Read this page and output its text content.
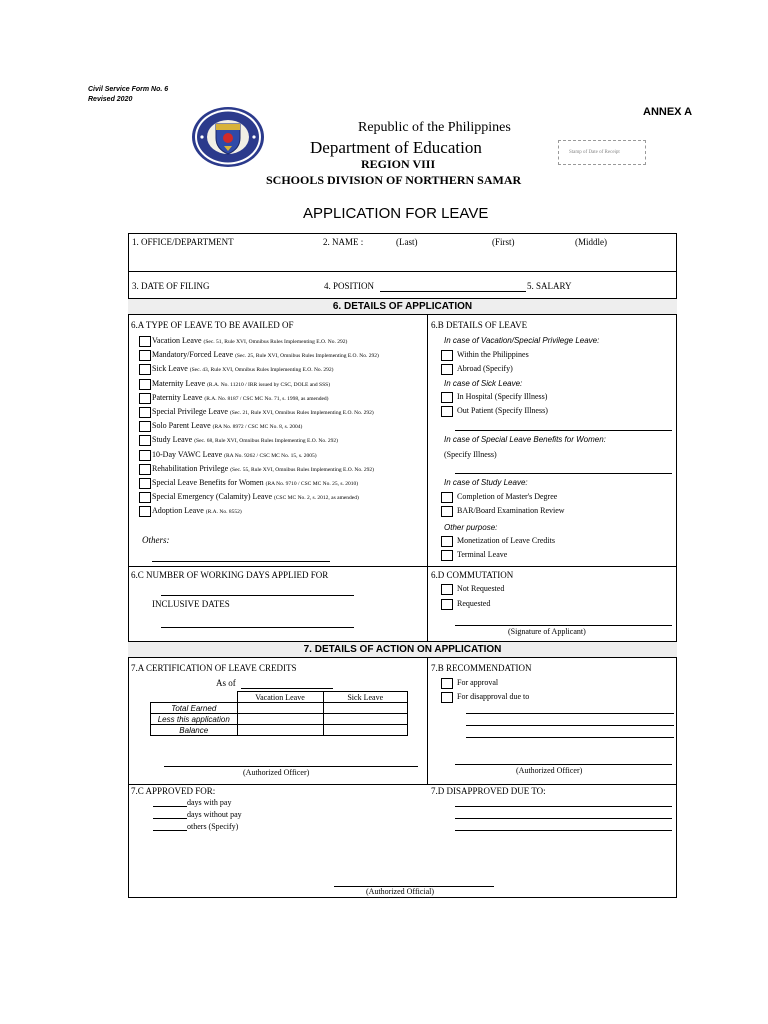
Civil Service Form No. 6
Revised 2020
ANNEX A
Republic of the Philippines
Department of Education
REGION VIII
SCHOOLS DIVISION OF NORTHERN SAMAR
Stamp of Date of Receipt
APPLICATION FOR LEAVE
1. OFFICE/DEPARTMENT	2. NAME :	(Last)	(First)	(Middle)
3. DATE OF FILING	4. POSITION	5. SALARY
6. DETAILS OF APPLICATION
6.A TYPE OF LEAVE TO BE AVAILED OF
Vacation Leave (Sec. 51, Rule XVI, Omnibus Rules Implementing E.O. No. 292)
Mandatory/Forced Leave (Sec. 25, Rule XVI, Omnibus Rules Implementing E.O. No. 292)
Sick Leave (Sec. 43, Rule XVI, Omnibus Rules Implementing E.O. No. 292)
Maternity Leave (R.A. No. 11210 / IRR issued by CSC, DOLE and SSS)
Paternity Leave (R.A. No. 8187 / CSC MC No. 71, s. 1998, as amended)
Special Privilege Leave (Sec. 21, Rule XVI, Omnibus Rules Implementing E.O. No. 292)
Solo Parent Leave (RA No. 8972 / CSC MC No. 8, s. 2004)
Study Leave (Sec. 68, Rule XVI, Omnibus Rules Implementing E.O. No. 292)
10-Day VAWC Leave (RA No. 9262 / CSC MC No. 15, s. 2005)
Rehabilitation Privilege (Sec. 55, Rule XVI, Omnibus Rules Implementing E.O. No. 292)
Special Leave Benefits for Women (RA No. 9710 / CSC MC No. 25, s. 2010)
Special Emergency (Calamity) Leave (CSC MC No. 2, s. 2012, as amended)
Adoption Leave (R.A. No. 8552)
Others:
6.B DETAILS OF LEAVE
In case of Vacation/Special Privilege Leave:
Within the Philippines
Abroad (Specify)
In case of Sick Leave:
In Hospital (Specify Illness)
Out Patient (Specify Illness)
In case of Special Leave Benefits for Women:
(Specify Illness)
In case of Study Leave:
Completion of Master's Degree
BAR/Board Examination Review
Other purpose:
Monetization of Leave Credits
Terminal Leave
6.C NUMBER OF WORKING DAYS APPLIED FOR
INCLUSIVE DATES
6.D COMMUTATION
Not Requested
Requested
(Signature of Applicant)
7. DETAILS OF ACTION ON APPLICATION
7.A CERTIFICATION OF LEAVE CREDITS
As of
	Vacation Leave	Sick Leave
Total Earned		
Less this application		
Balance		
(Authorized Officer)
7.B RECOMMENDATION
For approval
For disapproval due to
(Authorized Officer)
7.C APPROVED FOR:
days with pay
days without pay
others (Specify)
7.D DISAPPROVED DUE TO:
(Authorized Official)
